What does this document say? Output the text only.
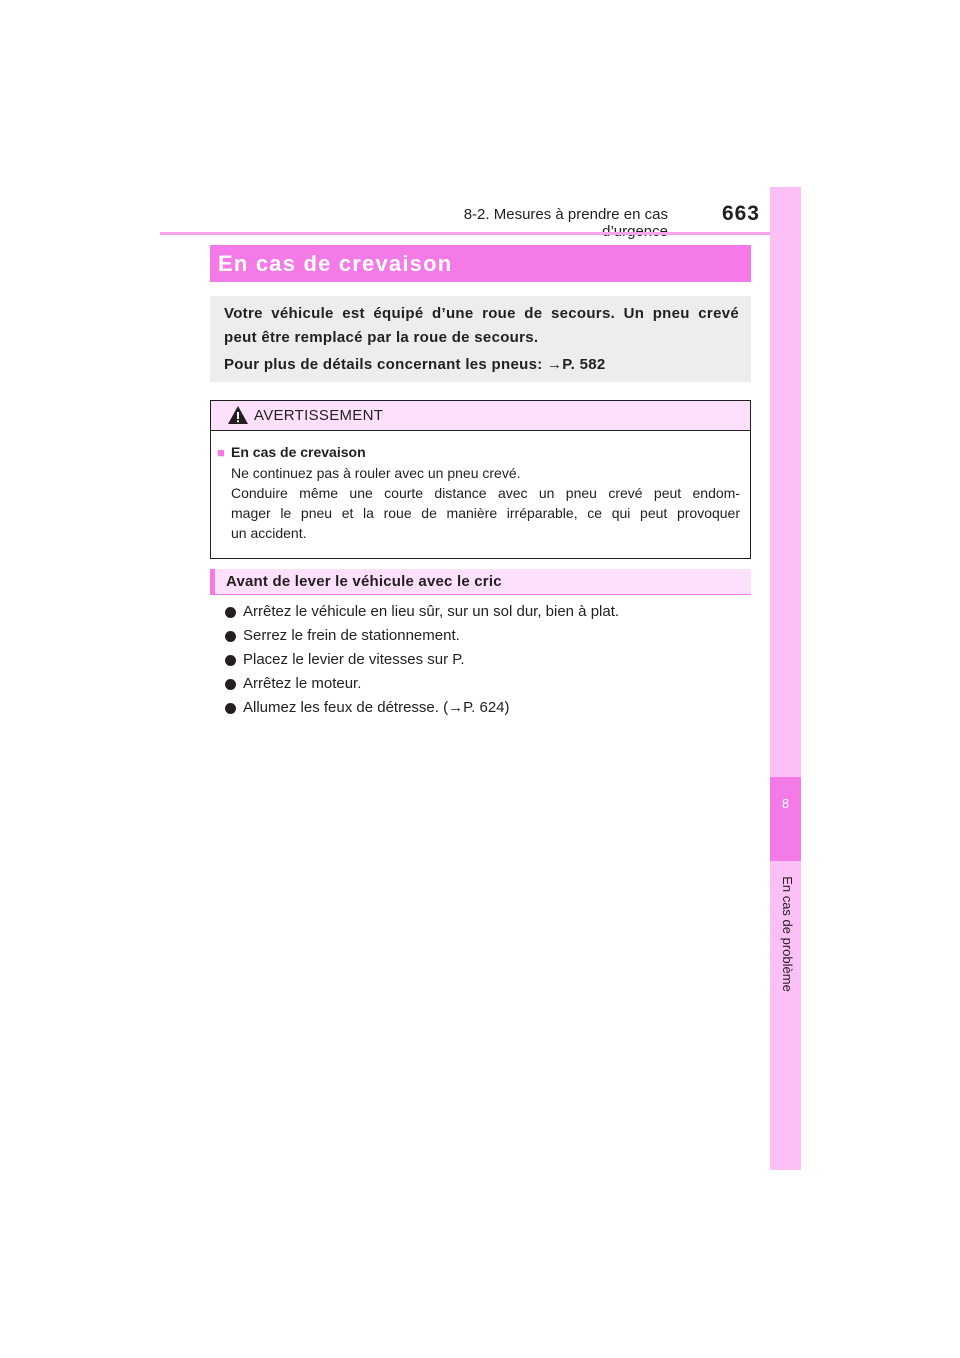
8-2. Mesures à prendre en cas	663
8
En cas de problème
En cas de crevaison
Votre véhicule est équipé d’une roue de secours. Un pneu crevé
peut être remplacé par la roue de secours.
Pour plus de détails concernant les pneus: →P. 582
AVERTISSEMENT
■ En cas de crevaison
Ne continuez pas à rouler avec un pneu crevé.
Conduire même une courte distance avec un pneu crevé peut endom-
mager le pneu et la roue de manière irréparable, ce qui peut provoquer
un accident.
Avant de lever le véhicule avec le cric
Arrêtez le véhicule en lieu sûr, sur un sol dur, bien à plat.
Serrez le frein de stationnement.
Placez le levier de vitesses sur P.
Arrêtez le moteur.
Allumez les feux de détresse. (→P. 624)
